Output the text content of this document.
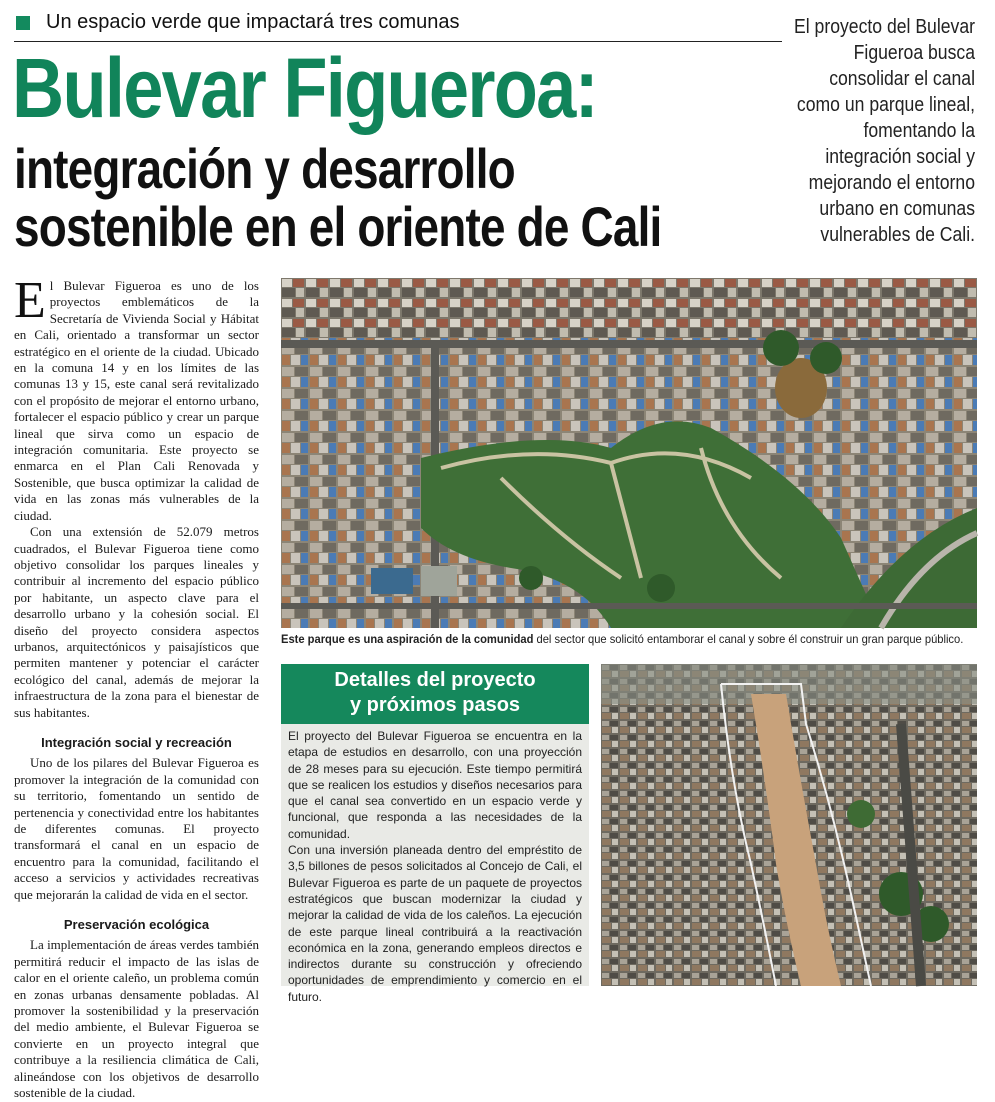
Un espacio verde que impactará tres comunas
Bulevar Figueroa:
integración y desarrollo
sostenible en el oriente de Cali

El proyecto del Bulevar Figueroa busca consolidar el canal como un parque lineal, fomentando la integración social y mejorando el entorno urbano en comunas vulnerables de Cali.

El Bulevar Figueroa es uno de los proyectos emblemáticos de la Secretaría de Vivienda Social y Hábitat en Cali, orientado a transformar un sector estratégico en el oriente de la ciudad. Ubicado en la comuna 14 y en los límites de las comunas 13 y 15, este canal será revitalizado con el propósito de mejorar el entorno urbano, fortalecer el espacio público y crear un parque lineal que sirva como un espacio de integración comunitaria. Este proyecto se enmarca en el Plan Cali Renovada y Sostenible, que busca optimizar la calidad de vida en las zonas más vulnerables de la ciudad.

Con una extensión de 52.079 metros cuadrados, el Bulevar Figueroa tiene como objetivo consolidar los parques lineales y contribuir al incremento del espacio público por habitante, un aspecto clave para el desarrollo urbano y la cohesión social. El diseño del proyecto considera aspectos urbanos, arquitectónicos y paisajísticos que permiten mantener y potenciar el carácter ecológico del canal, además de mejorar la infraestructura de la zona para el bienestar de sus habitantes.

Integración social y recreación

Uno de los pilares del Bulevar Figueroa es promover la integración de la comunidad con su territorio, fomentando un sentido de pertenencia y conectividad entre los habitantes de diferentes comunas. El proyecto transformará el canal en un espacio de encuentro para la comunidad, facilitando el acceso a servicios y actividades recreativas que mejorarán la calidad de vida en el sector.

Preservación ecológica

La implementación de áreas verdes también permitirá reducir el impacto de las islas de calor en el oriente caleño, un problema común en zonas urbanas densamente pobladas. Al promover la sostenibilidad y la preservación del medio ambiente, el Bulevar Figueroa se convierte en un proyecto integral que contribuye a la resiliencia climática de Cali, alineándose con los objetivos de desarrollo sostenible de la ciudad.

Este parque es una aspiración de la comunidad del sector que solicitó entamborar el canal y sobre él construir un gran parque público.
Detalles del proyecto
y próximos pasos

El proyecto del Bulevar Figueroa se encuentra en la etapa de estudios en desarrollo, con una proyección de 28 meses para su ejecución. Este tiempo permitirá que se realicen los estudios y diseños necesarios para que el canal sea convertido en un espacio verde y funcional, que responda a las necesidades de la comunidad.

Con una inversión planeada dentro del empréstito de 3,5 billones de pesos solicitados al Concejo de Cali, el Bulevar Figueroa es parte de un paquete de proyectos estratégicos que buscan modernizar la ciudad y mejorar la calidad de vida de los caleños. La ejecución de este parque lineal contribuirá a la reactivación económica en la zona, generando empleos directos e indirectos durante su construcción y ofreciendo oportunidades de emprendimiento y comercio en el futuro.
